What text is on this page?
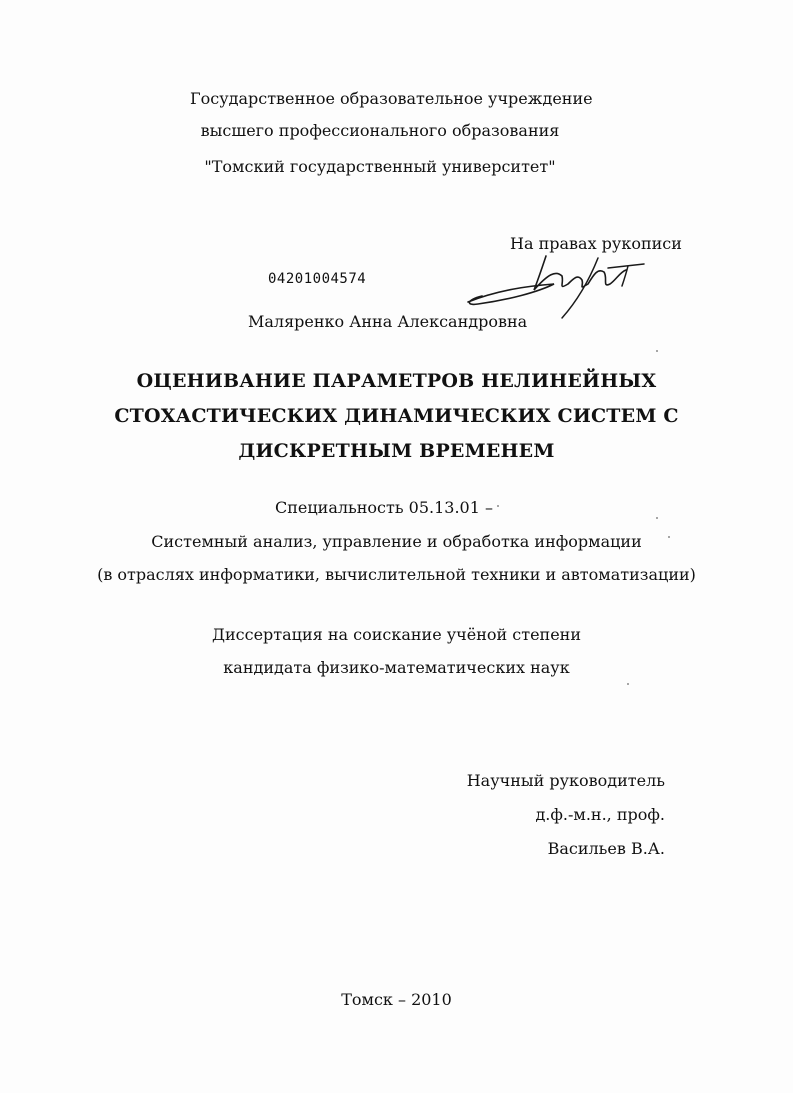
Государственное образовательное учреждение
высшего профессионального образования
"Томский государственный университет"
На правах рукописи
04201004574
Маляренко Анна Александровна
ОЦЕНИВАНИЕ ПАРАМЕТРОВ НЕЛИНЕЙНЫХ
СТОХАСТИЧЕСКИХ ДИНАМИЧЕСКИХ СИСТЕМ С
ДИСКРЕТНЫМ ВРЕМЕНЕМ
Специальность 05.13.01 –
Системный анализ, управление и обработка информации
(в отраслях информатики, вычислительной техники и автоматизации)
Диссертация на соискание учёной степени
кандидата физико-математических наук
Научный руководитель
д.ф.-м.н., проф.
Васильев В.А.
Томск – 2010
